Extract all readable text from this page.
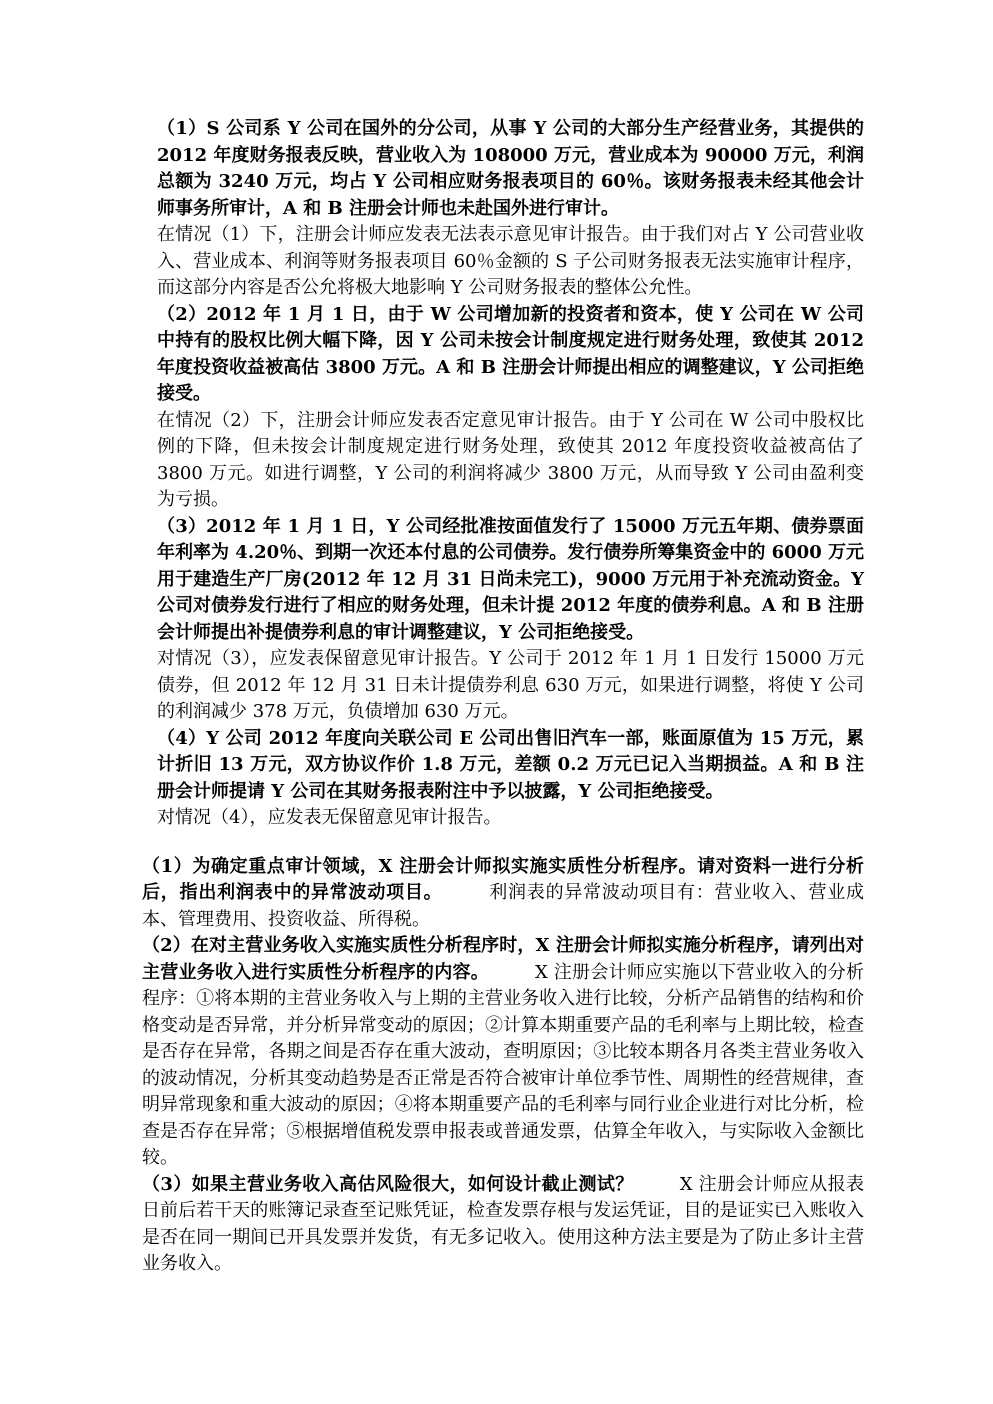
（1）S 公司系 Y 公司在国外的分公司，从事 Y 公司的大部分生产经营业务，其提供的 2012 年度财务报表反映，营业收入为 108000 万元，营业成本为 90000 万元，利润总额为 3240 万元，均占 Y 公司相应财务报表项目的 60％。该财务报表未经其他会计师事务所审计，A 和 B 注册会计师也未赴国外进行审计。

在情况（1）下，注册会计师应发表无法表示意见审计报告。由于我们对占 Y 公司营业收入、营业成本、利润等财务报表项目 60％金额的 S 子公司财务报表无法实施审计程序，而这部分内容是否公允将极大地影响 Y 公司财务报表的整体公允性。

（2）2012 年 1 月 1 日，由于 W 公司增加新的投资者和资本，使 Y 公司在 W 公司中持有的股权比例大幅下降，因 Y 公司未按会计制度规定进行财务处理，致使其 2012 年度投资收益被高估 3800 万元。A 和 B 注册会计师提出相应的调整建议，Y 公司拒绝接受。

在情况（2）下，注册会计师应发表否定意见审计报告。由于 Y 公司在 W 公司中股权比例的下降，但未按会计制度规定进行财务处理，致使其 2012 年度投资收益被高估了 3800 万元。如进行调整，Y 公司的利润将减少 3800 万元，从而导致 Y 公司由盈利变为亏损。

（3）2012 年 1 月 1 日，Y 公司经批准按面值发行了 15000 万元五年期、债券票面年利率为 4.20％、到期一次还本付息的公司债券。发行债券所筹集资金中的 6000 万元用于建造生产厂房(2012 年 12 月 31 日尚未完工)，9000 万元用于补充流动资金。Y 公司对债券发行进行了相应的财务处理，但未计提 2012 年度的债券利息。A 和 B 注册会计师提出补提债券利息的审计调整建议，Y 公司拒绝接受。

对情况（3），应发表保留意见审计报告。Y 公司于 2012 年 1 月 1 日发行 15000 万元债券，但 2012 年 12 月 31 日未计提债券利息 630 万元，如果进行调整，将使 Y 公司的利润减少 378 万元，负债增加 630 万元。

（4）Y 公司 2012 年度向关联公司 E 公司出售旧汽车一部，账面原值为 15 万元，累计折旧 13 万元，双方协议作价 1.8 万元，差额 0.2 万元已记入当期损益。A 和 B 注册会计师提请 Y 公司在其财务报表附注中予以披露，Y 公司拒绝接受。

对情况（4），应发表无保留意见审计报告。

（1）为确定重点审计领域，X 注册会计师拟实施实质性分析程序。请对资料一进行分析后，指出利润表中的异常波动项目。	利润表的异常波动项目有：营业收入、营业成本、管理费用、投资收益、所得税。

（2）在对主营业务收入实施实质性分析程序时，X 注册会计师拟实施分析程序，请列出对主营业务收入进行实质性分析程序的内容。	X 注册会计师应实施以下营业收入的分析程序：①将本期的主营业务收入与上期的主营业务收入进行比较，分析产品销售的结构和价格变动是否异常，并分析异常变动的原因；②计算本期重要产品的毛利率与上期比较，检查是否存在异常，各期之间是否存在重大波动，查明原因；③比较本期各月各类主营业务收入的波动情况，分析其变动趋势是否正常是否符合被审计单位季节性、周期性的经营规律，查明异常现象和重大波动的原因；④将本期重要产品的毛利率与同行业企业进行对比分析，检查是否存在异常；⑤根据增值税发票申报表或普通发票，估算全年收入，与实际收入金额比较。

（3）如果主营业务收入高估风险很大，如何设计截止测试？	X 注册会计师应从报表日前后若干天的账簿记录查至记账凭证，检查发票存根与发运凭证，目的是证实已入账收入是否在同一期间已开具发票并发货，有无多记收入。使用这种方法主要是为了防止多计主营业务收入。
